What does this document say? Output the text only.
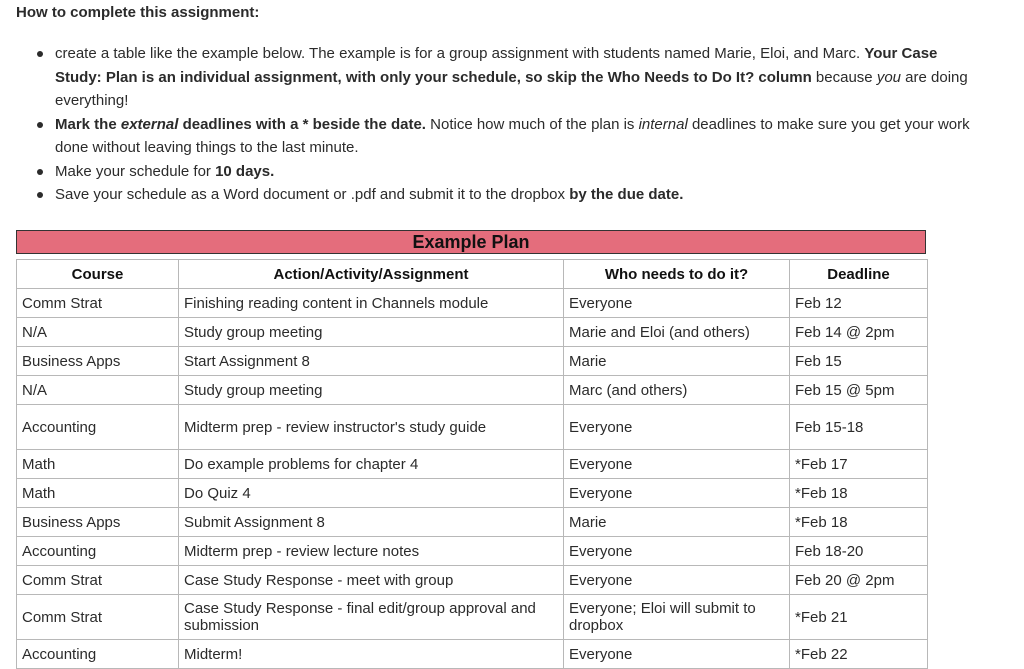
How to complete this assignment:

create a table like the example below. The example is for a group assignment with students named Marie, Eloi, and Marc. Your Case Study: Plan is an individual assignment, with only your schedule, so skip the Who Needs to Do It? column because you are doing everything!
Mark the external deadlines with a * beside the date. Notice how much of the plan is internal deadlines to make sure you get your work done without leaving things to the last minute.
Make your schedule for 10 days.
Save your schedule as a Word document or .pdf and submit it to the dropbox by the due date.
Example Plan
Course	Action/Activity/Assignment	Who needs to do it?	Deadline
Comm Strat	Finishing reading content in Channels module	Everyone	Feb 12
N/A	Study group meeting	Marie and Eloi (and others)	Feb 14 @ 2pm
Business Apps	Start Assignment 8	Marie	Feb 15
N/A	Study group meeting	Marc (and others)	Feb 15 @ 5pm
Accounting	Midterm prep - review instructor's study guide	Everyone	Feb 15-18
Math	Do example problems for chapter 4	Everyone	*Feb 17
Math	Do Quiz 4	Everyone	*Feb 18
Business Apps	Submit Assignment 8	Marie	*Feb 18
Accounting	Midterm prep - review lecture notes	Everyone	Feb 18-20
Comm Strat	Case Study Response - meet with group	Everyone	Feb 20 @ 2pm
Comm Strat	Case Study Response - final edit/group approval and submission	Everyone; Eloi will submit to dropbox	*Feb 21
Accounting	Midterm!	Everyone	*Feb 22
